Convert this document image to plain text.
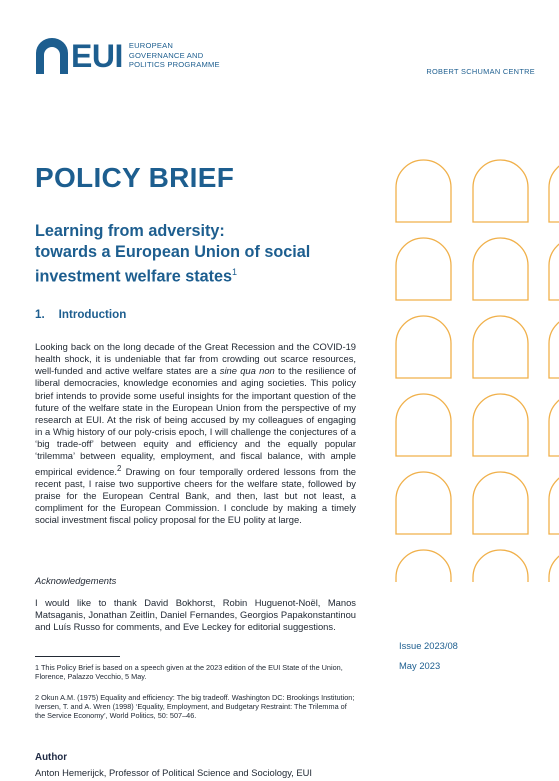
EUI EUROPEAN
GOVERNANCE AND
POLITICS PROGRAMME
ROBERT SCHUMAN CENTRE
POLICY BRIEF
Learning from adversity:
towards a European Union of social
investment welfare states$^1$
1. Introduction

Looking back on the long decade of the Great Recession and the COVID-19 health shock, it is undeniable that far from crowding out scarce resources, well-funded and active welfare states are a sine qua non to the resilience of liberal democracies, knowledge economies and aging societies. This policy brief intends to provide some useful insights for the important question of the future of the welfare state in the European Union from the perspective of my research at EUI. At the risk of being accused by my colleagues of engaging in a Whig history of our poly-crisis epoch, I will challenge the conjectures of a ‘big trade-off’ between equity and efficiency and the equally popular ‘trilemma’ between equality, employment, and fiscal balance, with ample empirical evidence.$^2$ Drawing on four temporally ordered lessons from the recent past, I raise two supportive cheers for the welfare state, followed by praise for the European Central Bank, and then, last but not least, a compliment for the European Commission. I conclude by making a timely social investment fiscal policy proposal for the EU polity at large.

Acknowledgements

I would like to thank David Bokhorst, Robin Huguenot-Noël, Manos Matsaganis, Jonathan Zeitlin, Daniel Fernandes, Georgios Papakonstantinou and Luís Russo for comments, and Eve Leckey for editorial suggestions.

1 This Policy Brief is based on a speech given at the 2023 edition of the EUI State of the Union, Florence, Palazzo Vecchio, 5 May.

2 Okun A.M. (1975) Equality and efficiency: The big tradeoff. Washington DC: Brookings Institution; Iversen, T. and A. Wren (1998) ‘Equality, Employment, and Budgetary Restraint: The Trilemma of the Service Economy’, World Politics, 50: 507–46.

Author

Anton Hemerijck, Professor of Political Science and Sociology, EUI

Issue 2023/08

May 2023
